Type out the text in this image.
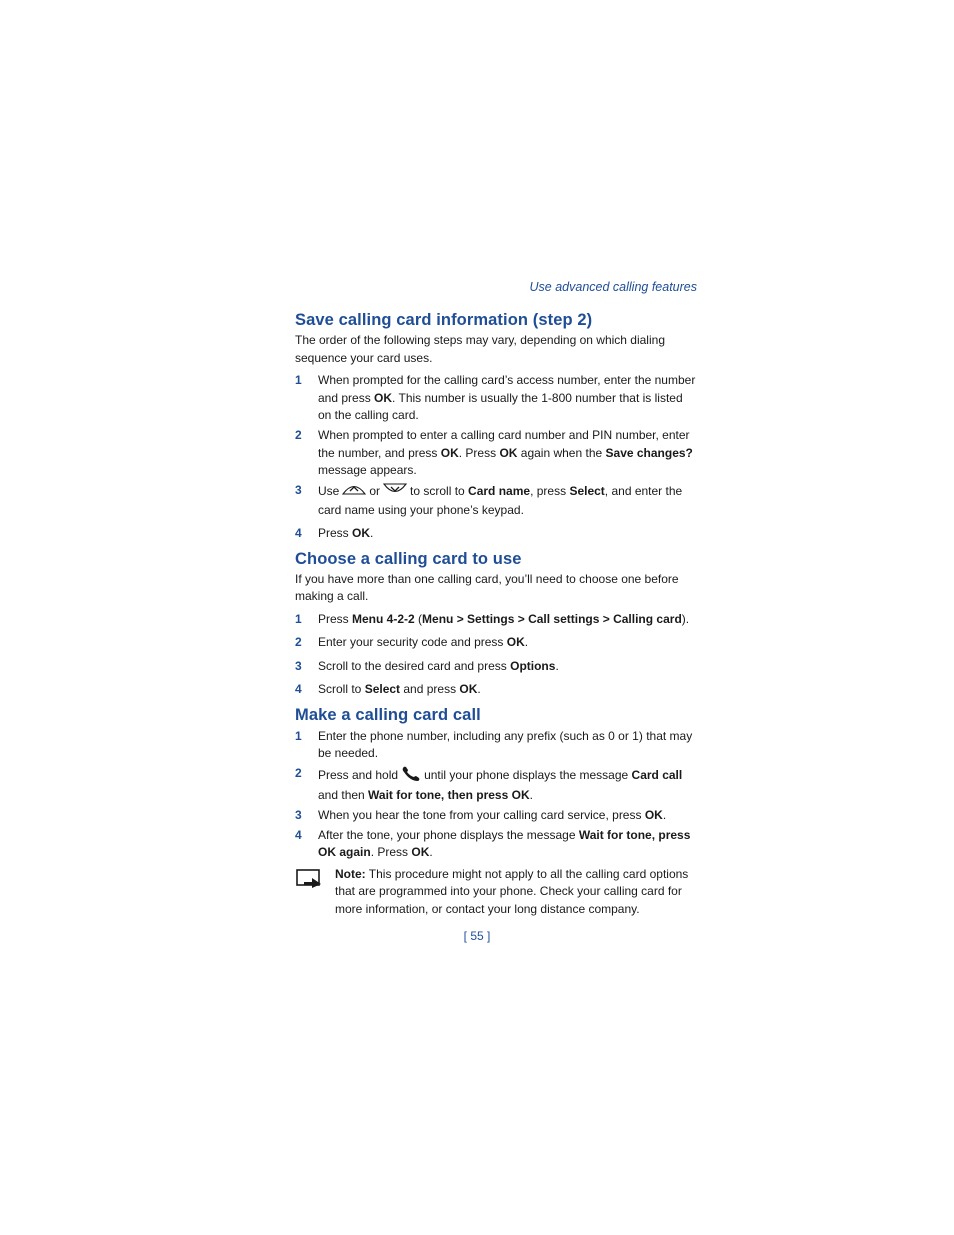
Use advanced calling features
Save calling card information (step 2)

The order of the following steps may vary, depending on which dialing sequence your card uses.

1	When prompted for the calling card’s access number, enter the number and press OK. This number is usually the 1-800 number that is listed on the calling card.
2	When prompted to enter a calling card number and PIN number, enter the number, and press OK. Press OK again when the Save changes? message appears.
3	Use	or	to scroll to Card name, press Select, and enter the card name using your phone’s keypad.
4	Press OK.
Choose a calling card to use

If you have more than one calling card, you’ll need to choose one before making a call.

1	Press Menu 4-2-2 (Menu > Settings > Call settings > Calling card).
2	Enter your security code and press OK.
3	Scroll to the desired card and press Options.
4	Scroll to Select and press OK.
Make a calling card call
1	Enter the phone number, including any prefix (such as 0 or 1) that may be needed.
2	Press and hold until your phone displays the message Card call and then Wait for tone, then press OK.
3	When you hear the tone from your calling card service, press OK.
4	After the tone, your phone displays the message Wait for tone, press OK again. Press OK.
Note: This procedure might not apply to all the calling card options that are programmed into your phone. Check your calling card for more information, or contact your long distance company.
[ 55 ]
